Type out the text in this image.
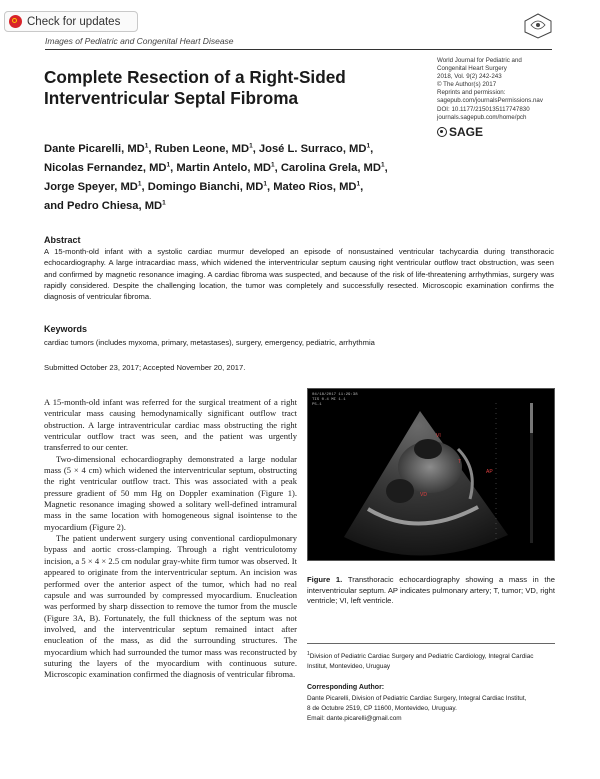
Check for updates
Images of Pediatric and Congenital Heart Disease
Complete Resection of a Right-Sided Interventricular Septal Fibroma
World Journal for Pediatric and
Congenital Heart Surgery
2018, Vol. 9(2) 242-243
© The Author(s) 2017
Reprints and permission:
sagepub.com/journalsPermissions.nav
DOI: 10.1177/2150135117747830
journals.sagepub.com/home/pch
SAGE
Dante Picarelli, $MD^1$, Ruben Leone, $MD^1$, José L. Surraco, $MD^1$,
Nicolas Fernandez, $MD^1$, Martin Antelo, $MD^1$, Carolina Grela, $MD^1$,
Jorge Speyer, $MD^1$, Domingo Bianchi, $MD^1$, Mateo Rios, $MD^1$,
and Pedro Chiesa, $MD^1$
Abstract
A 15-month-old infant with a systolic cardiac murmur developed an episode of nonsustained ventricular tachycardia during transthoracic echocardiography. A large intracardiac mass, which widened the interventricular septum causing right ventricular outflow tract obstruction, was seen and confirmed by magnetic resonance imaging. A cardiac fibroma was suspected, and because of the risk of life-threatening arrhythmias, surgery was rapidly considered. Despite the challenging location, the tumor was completely and successfully resected. Microscopic examination confirms the diagnosis of ventricular fibroma.
Keywords
cardiac tumors (includes myxoma, primary, metastases), surgery, emergency, pediatric, arrhythmia
Submitted October 23, 2017; Accepted November 20, 2017.

A 15-month-old infant was referred for the surgical treatment of a right ventricular mass causing hemodynamically significant outflow tract obstruction. A large intraventricular cardiac mass obstructing the right ventricular outflow tract was seen, and the patient was urgently transferred to our center.

Two-dimensional echocardiography demonstrated a large nodular mass (5 × 4 cm) which widened the interventricular septum, obstructing the right ventricular outflow tract. This was associated with a peak pressure gradient of 50 mm Hg on Doppler examination (Figure 1). Magnetic resonance imaging showed a solitary well-defined intramural mass in the same location with homogeneous signal isointense to the myocardium (Figure 2).

The patient underwent surgery using conventional cardiopulmonary bypass and aortic cross-clamping. Through a right ventriculotomy incision, a 5 × 4 × 2.5 cm nodular gray-white firm tumor was observed. It appeared to originate from the interventricular septum. An incision was performed over the anterior aspect of the tumor, which had no real capsule and was surrounded by compressed myocardium. Enucleation was performed by sharp dissection to remove the tumor from the muscle (Figure 3A, B). Fortunately, the full thickness of the septum was not involved, and the interventricular septum remained intact after enucleation of the mass, as did the surrounding structures. The myocardium which had surrounded the tumor mass was reconstructed by suturing the layers of the myocardium with continuous suture. Microscopic examination confirmed the diagnosis of ventricular fibroma.

04/18/2017 11:29:38
TIS 0.4 MI 1.1
P5-1
VI
T
AP
VD
Figure 1. Transthoracic echocardiography showing a mass in the interventricular septum. AP indicates pulmonary artery; T, tumor; VD, right ventricle; VI, left ventricle.
$^1$Division of Pediatric Cardiac Surgery and Pediatric Cardiology, Integral Cardiac Institut, Montevideo, Uruguay
Corresponding Author:
Dante Picarelli, Division of Pediatric Cardiac Surgery, Integral Cardiac Institut,
8 de Octubre 2519, CP 11600, Montevideo, Uruguay.
Email: dante.picarelli@gmail.com
